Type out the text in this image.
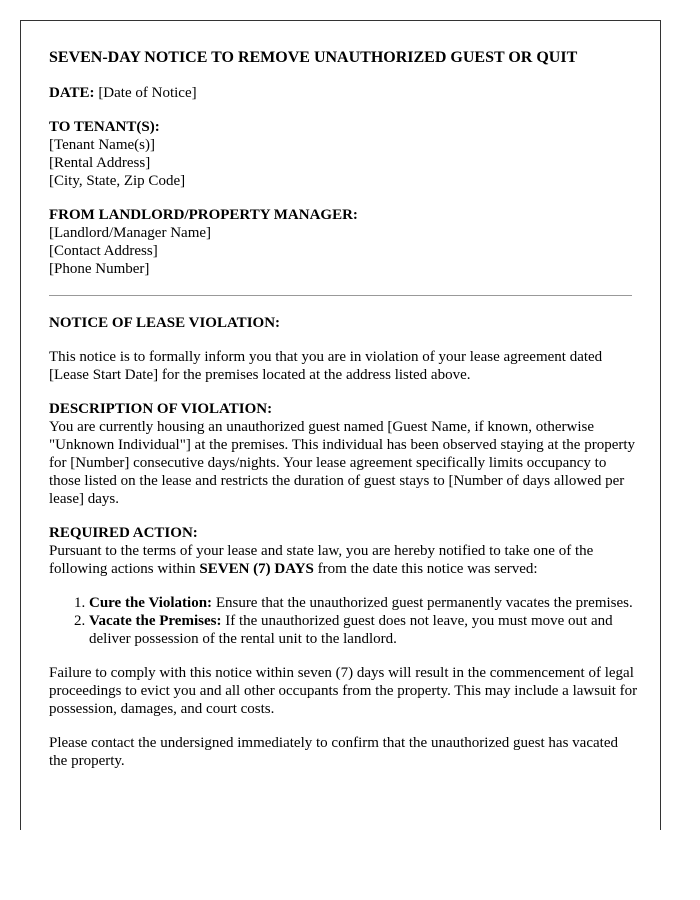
SEVEN-DAY NOTICE TO REMOVE UNAUTHORIZED GUEST OR QUIT

DATE: [Date of Notice]

TO TENANT(S):
[Tenant Name(s)]
[Rental Address]
[City, State, Zip Code]

FROM LANDLORD/PROPERTY MANAGER:
[Landlord/Manager Name]
[Contact Address]
[Phone Number]

NOTICE OF LEASE VIOLATION:

This notice is to formally inform you that you are in violation of your lease agreement dated [Lease Start Date] for the premises located at the address listed above.

DESCRIPTION OF VIOLATION:
You are currently housing an unauthorized guest named [Guest Name, if known, otherwise "Unknown Individual"] at the premises. This individual has been observed staying at the property for [Number] consecutive days/nights. Your lease agreement specifically limits occupancy to those listed on the lease and restricts the duration of guest stays to [Number of days allowed per lease] days.

REQUIRED ACTION:
Pursuant to the terms of your lease and state law, you are hereby notified to take one of the following actions within SEVEN (7) DAYS from the date this notice was served:

1. Cure the Violation: Ensure that the unauthorized guest permanently vacates the premises.
2. Vacate the Premises: If the unauthorized guest does not leave, you must move out and deliver possession of the rental unit to the landlord.

Failure to comply with this notice within seven (7) days will result in the commencement of legal proceedings to evict you and all other occupants from the property. This may include a lawsuit for possession, damages, and court costs.

Please contact the undersigned immediately to confirm that the unauthorized guest has vacated the property.
